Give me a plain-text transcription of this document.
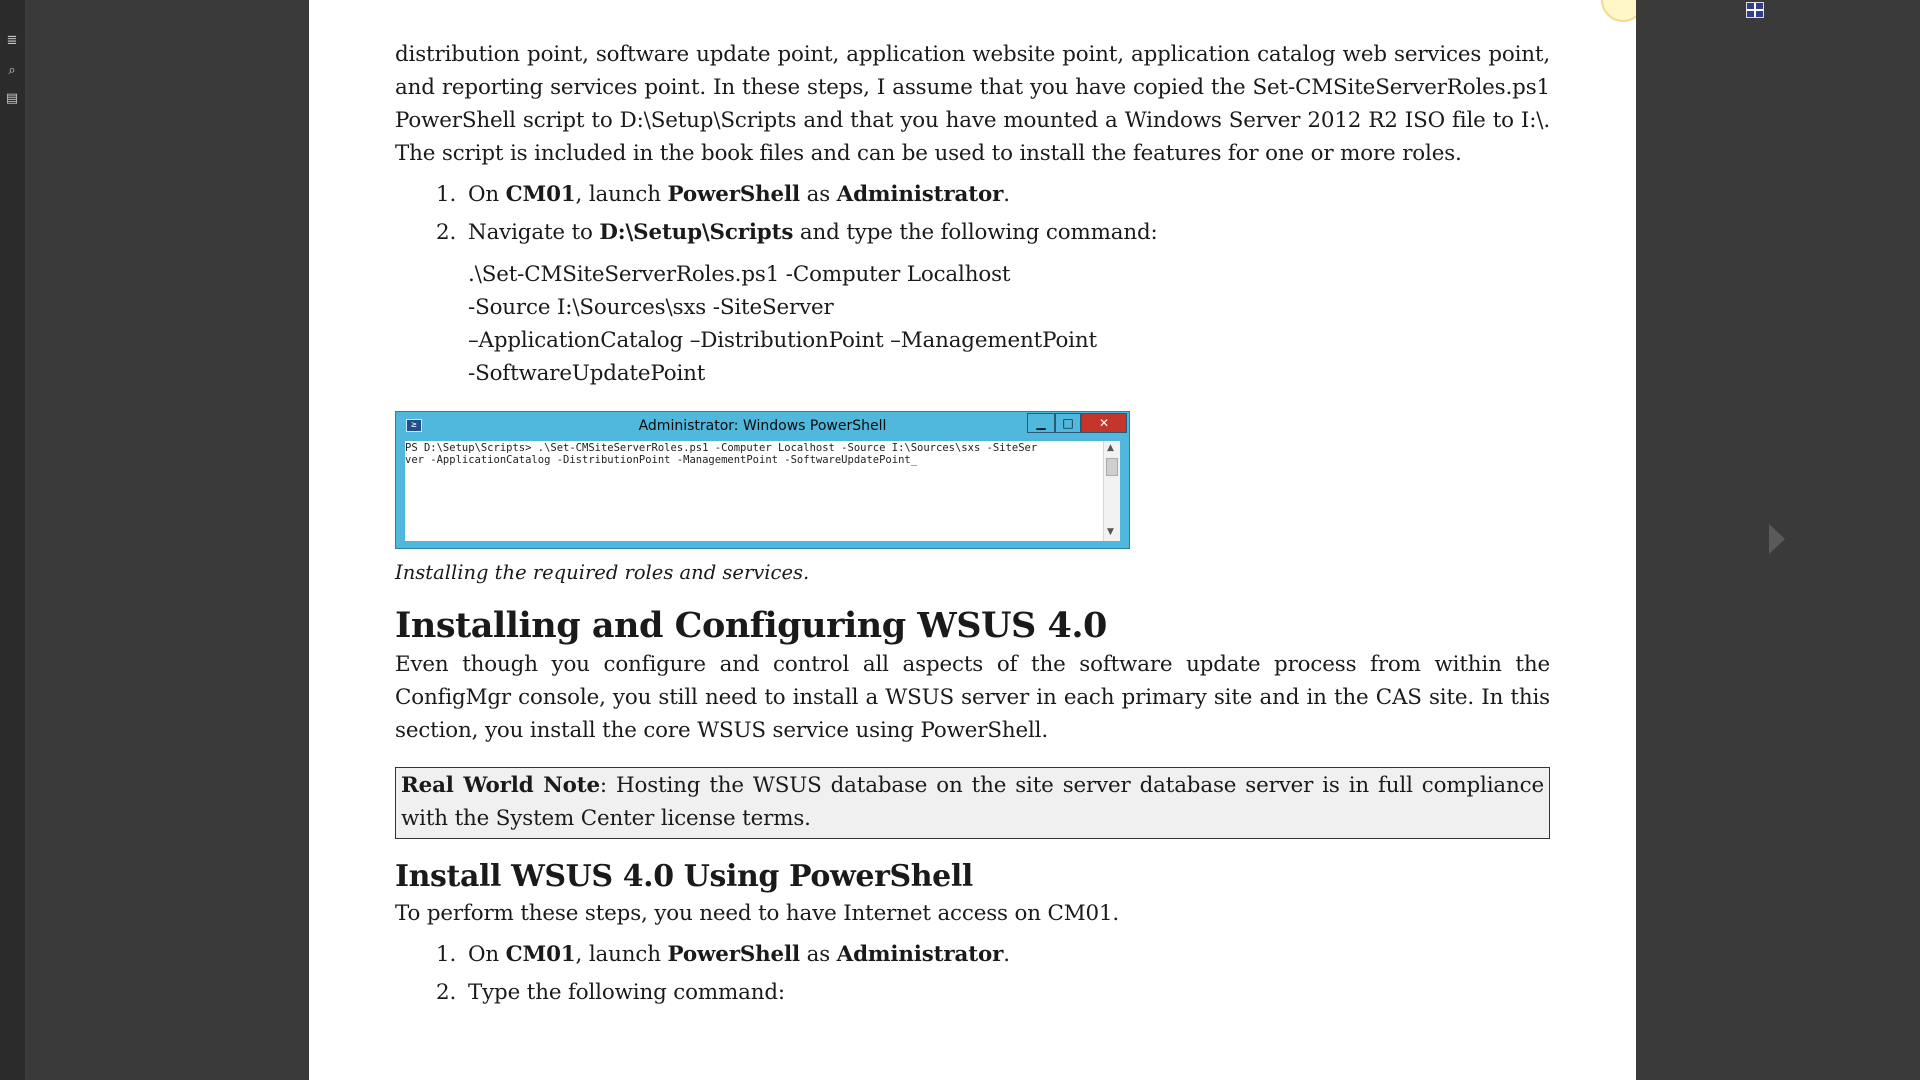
≣
⌕
▤

distribution point, software update point, application website point, application catalog web services point, and reporting services point. In these steps, I assume that you have copied the Set-CMSiteServerRoles.ps1 PowerShell script to D:\Setup\Scripts and that you have mounted a Windows Server 2012 R2 ISO file to I:\. The script is included in the book files and can be used to install the features for one or more roles.

1. On CM01, launch PowerShell as Administrator.
2. Navigate to D:\Setup\Scripts and type the following command:
.\Set-CMSiteServerRoles.ps1 -Computer Localhost
-Source I:\Sources\sxs -SiteServer
–ApplicationCatalog –DistributionPoint –ManagementPoint
-SoftwareUpdatePoint
≥	Administrator: Windows PowerShell	▁	□	✕
PS D:\Setup\Scripts> .\Set-CMSiteServerRoles.ps1 -Computer Localhost -Source I:\Sources\sxs -SiteSer
ver -ApplicationCatalog -DistributionPoint -ManagementPoint -SoftwareUpdatePoint_
▲
▼

Installing the required roles and services.

Installing and Configuring WSUS 4.0

Even though you configure and control all aspects of the software update process from within the ConfigMgr console, you still need to install a WSUS server in each primary site and in the CAS site. In this section, you install the core WSUS service using PowerShell.

Real World Note: Hosting the WSUS database on the site server database server is in full compliance with the System Center license terms.
Install WSUS 4.0 Using PowerShell

To perform these steps, you need to have Internet access on CM01.

1. On CM01, launch PowerShell as Administrator.
2. Type the following command:
